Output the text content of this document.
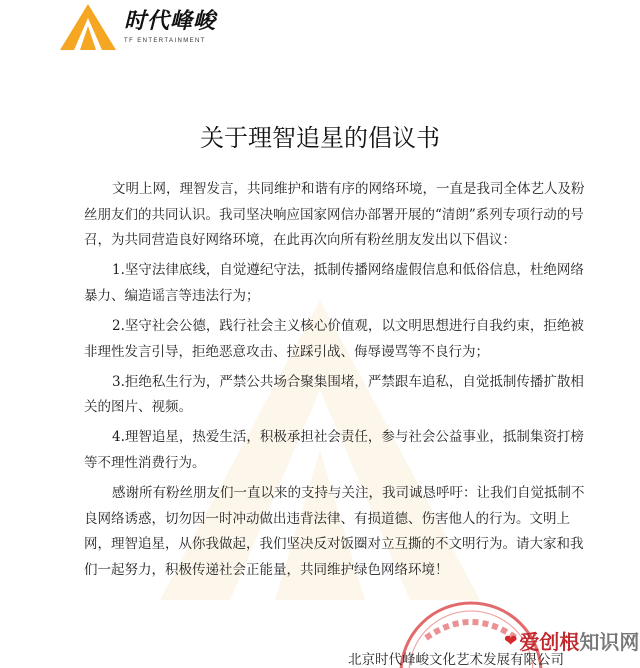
时代峰峻
TF ENTERTAINMENT
关于理智追星的倡议书

文明上网，理智发言，共同维护和谐有序的网络环境，一直是我司全体艺人及粉丝朋友们的共同认识。我司坚决响应国家网信办部署开展的“清朗”系列专项行动的号召，为共同营造良好网络环境，在此再次向所有粉丝朋友发出以下倡议：

1.坚守法律底线，自觉遵纪守法，抵制传播网络虚假信息和低俗信息，杜绝网络暴力、编造谣言等违法行为；

2.坚守社会公德，践行社会主义核心价值观，以文明思想进行自我约束，拒绝被非理性发言引导，拒绝恶意攻击、拉踩引战、侮辱谩骂等不良行为；

3.拒绝私生行为，严禁公共场合聚集围堵，严禁跟车追私，自觉抵制传播扩散相关的图片、视频。

4.理智追星，热爱生活，积极承担社会责任，参与社会公益事业，抵制集资打榜等不理性消费行为。

感谢所有粉丝朋友们一直以来的支持与关注，我司诚恳呼吁：让我们自觉抵制不良网络诱惑，切勿因一时冲动做出违背法律、有损道德、伤害他人的行为。文明上网，理智追星，从你我做起，我们坚决反对饭圈对立互撕的不文明行为。请大家和我们一起努力，积极传递社会正能量，共同维护绿色网络环境！

北京时代峰峻文化艺术发展有限公司
❤ 爱创根知识网
